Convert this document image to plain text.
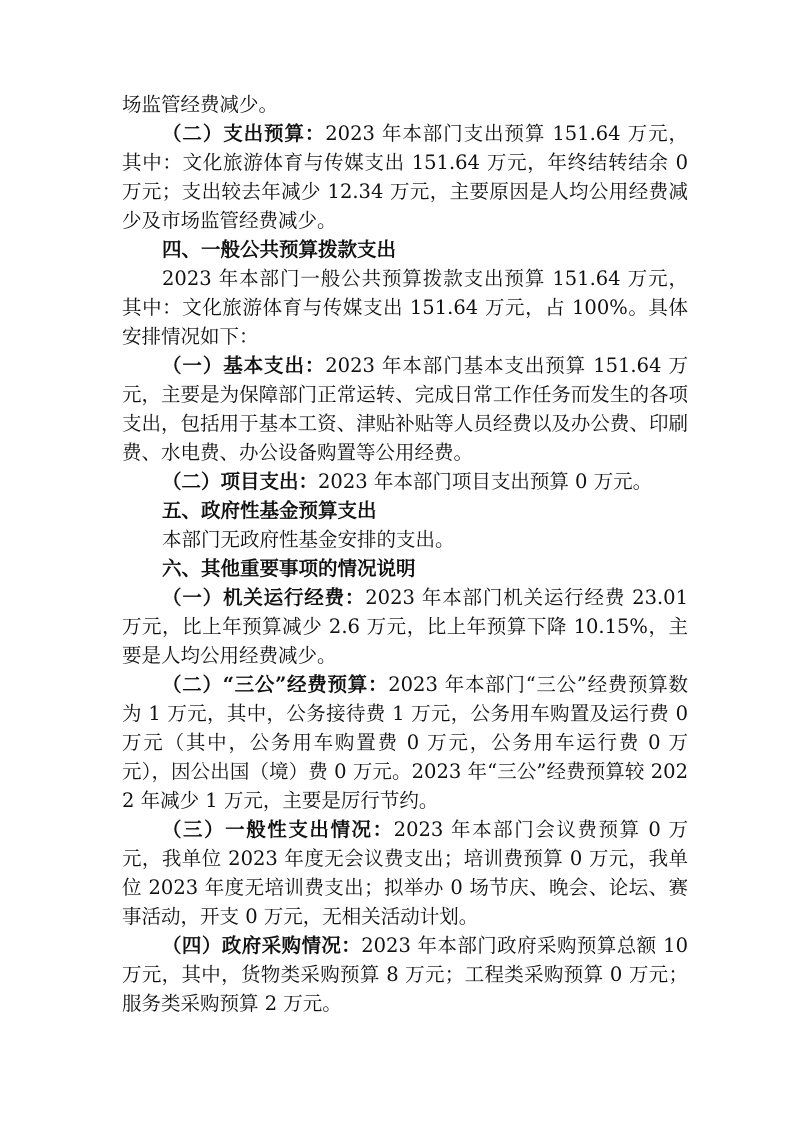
场监管经费减少。

（二）支出预算：2023 年本部门支出预算 151.64 万元，其中：文化旅游体育与传媒支出 151.64 万元，年终结转结余 0 万元；支出较去年减少 12.34 万元，主要原因是人均公用经费减少及市场监管经费减少。

四、一般公共预算拨款支出

2023 年本部门一般公共预算拨款支出预算 151.64 万元，其中：文化旅游体育与传媒支出 151.64 万元，占 100%。具体安排情况如下：

（一）基本支出：2023 年本部门基本支出预算 151.64 万元，主要是为保障部门正常运转、完成日常工作任务而发生的各项支出，包括用于基本工资、津贴补贴等人员经费以及办公费、印刷费、水电费、办公设备购置等公用经费。

（二）项目支出：2023 年本部门项目支出预算 0 万元。

五、政府性基金预算支出

本部门无政府性基金安排的支出。

六、其他重要事项的情况说明

（一）机关运行经费：2023 年本部门机关运行经费 23.01 万元，比上年预算减少 2.6 万元，比上年预算下降 10.15%，主要是人均公用经费减少。

（二）“三公”经费预算：2023 年本部门“三公”经费预算数为 1 万元，其中，公务接待费 1 万元，公务用车购置及运行费 0 万元（其中，公务用车购置费 0 万元，公务用车运行费 0 万元），因公出国（境）费 0 万元。2023 年“三公”经费预算较 2022 年减少 1 万元，主要是厉行节约。

（三）一般性支出情况：2023 年本部门会议费预算 0 万元，我单位 2023 年度无会议费支出；培训费预算 0 万元，我单位 2023 年度无培训费支出；拟举办 0 场节庆、晚会、论坛、赛事活动，开支 0 万元，无相关活动计划。

（四）政府采购情况：2023 年本部门政府采购预算总额 10 万元，其中，货物类采购预算 8 万元；工程类采购预算 0 万元；服务类采购预算 2 万元。
